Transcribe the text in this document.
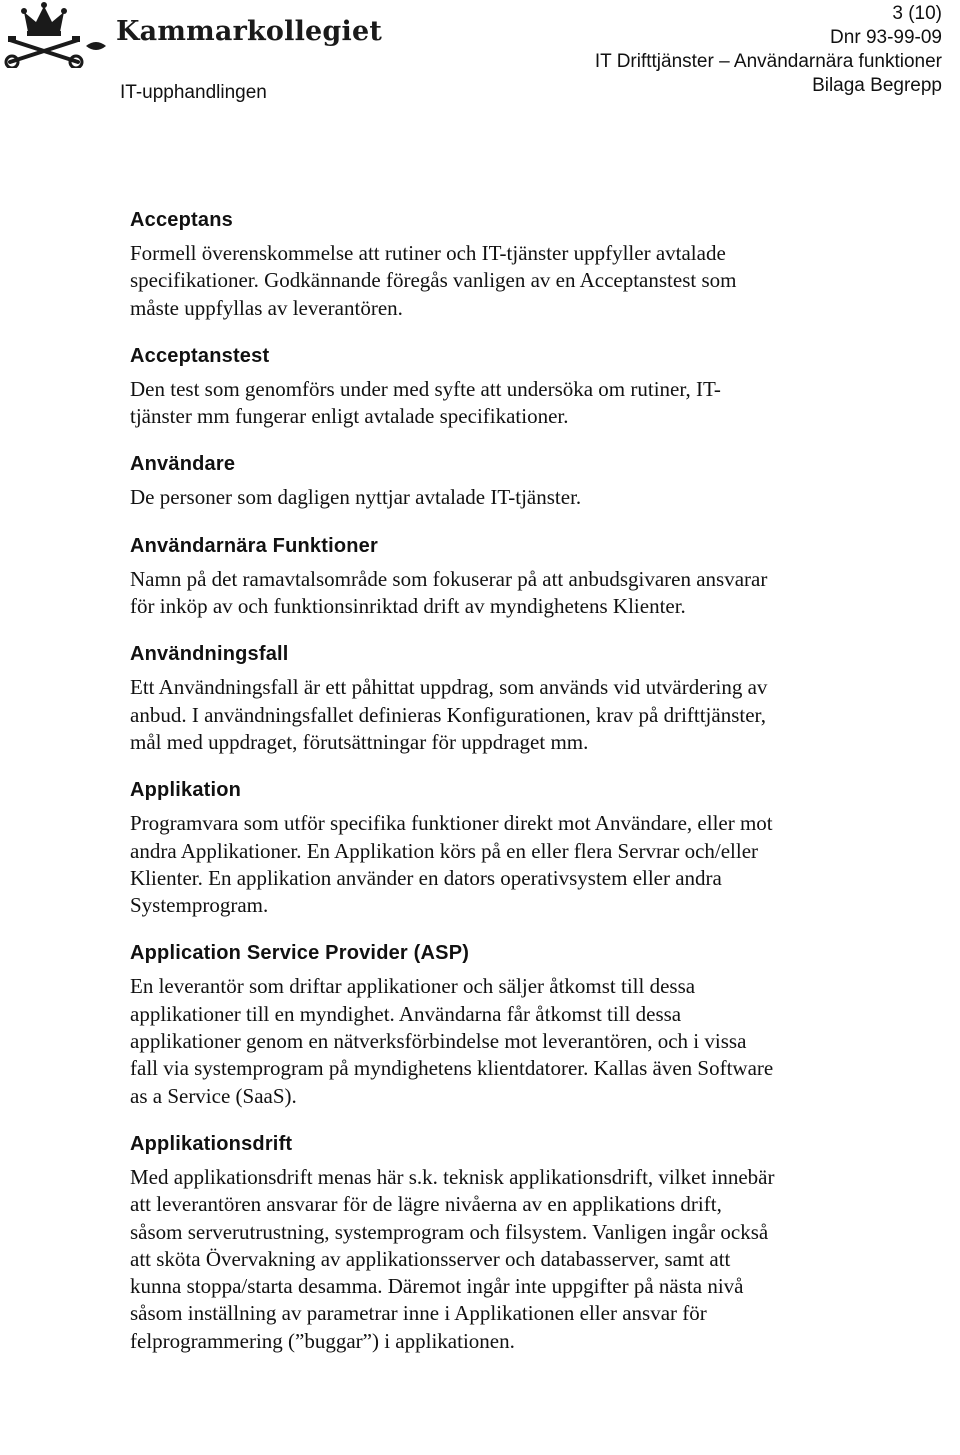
Kammarkollegiet
IT-upphandlingen
3 (10)
Dnr 93-99-09
IT Drifttjänster – Användarnära funktioner
Bilaga Begrepp
Acceptans
Formell överenskommelse att rutiner och IT-tjänster uppfyller avtalade
specifikationer. Godkännande föregås vanligen av en Acceptanstest som
måste uppfyllas av leverantören.
Acceptanstest
Den test som genomförs under med syfte att undersöka om rutiner, IT-
tjänster mm fungerar enligt avtalade specifikationer.
Användare
De personer som dagligen nyttjar avtalade IT-tjänster.
Användarnära Funktioner
Namn på det ramavtalsområde som fokuserar på att anbudsgivaren ansvarar
för inköp av och funktionsinriktad drift av myndighetens Klienter.
Användningsfall
Ett Användningsfall är ett påhittat uppdrag, som används vid utvärdering av
anbud. I användningsfallet definieras Konfigurationen, krav på drifttjänster,
mål med uppdraget, förutsättningar för uppdraget mm.
Applikation
Programvara som utför specifika funktioner direkt mot Användare, eller mot
andra Applikationer. En Applikation körs på en eller flera Servrar och/eller
Klienter. En applikation använder en dators operativsystem eller andra
Systemprogram.
Application Service Provider (ASP)
En leverantör som driftar applikationer och säljer åtkomst till dessa
applikationer till en myndighet. Användarna får åtkomst till dessa
applikationer genom en nätverksförbindelse mot leverantören, och i vissa
fall via systemprogram på myndighetens klientdatorer. Kallas även Software
as a Service (SaaS).
Applikationsdrift
Med applikationsdrift menas här s.k. teknisk applikationsdrift, vilket innebär
att leverantören ansvarar för de lägre nivåerna av en applikations drift,
såsom serverutrustning, systemprogram och filsystem. Vanligen ingår också
att sköta Övervakning av applikationsserver och databasserver, samt att
kunna stoppa/starta desamma. Däremot ingår inte uppgifter på nästa nivå
såsom inställning av parametrar inne i Applikationen eller ansvar för
felprogrammering (”buggar”) i applikationen.
